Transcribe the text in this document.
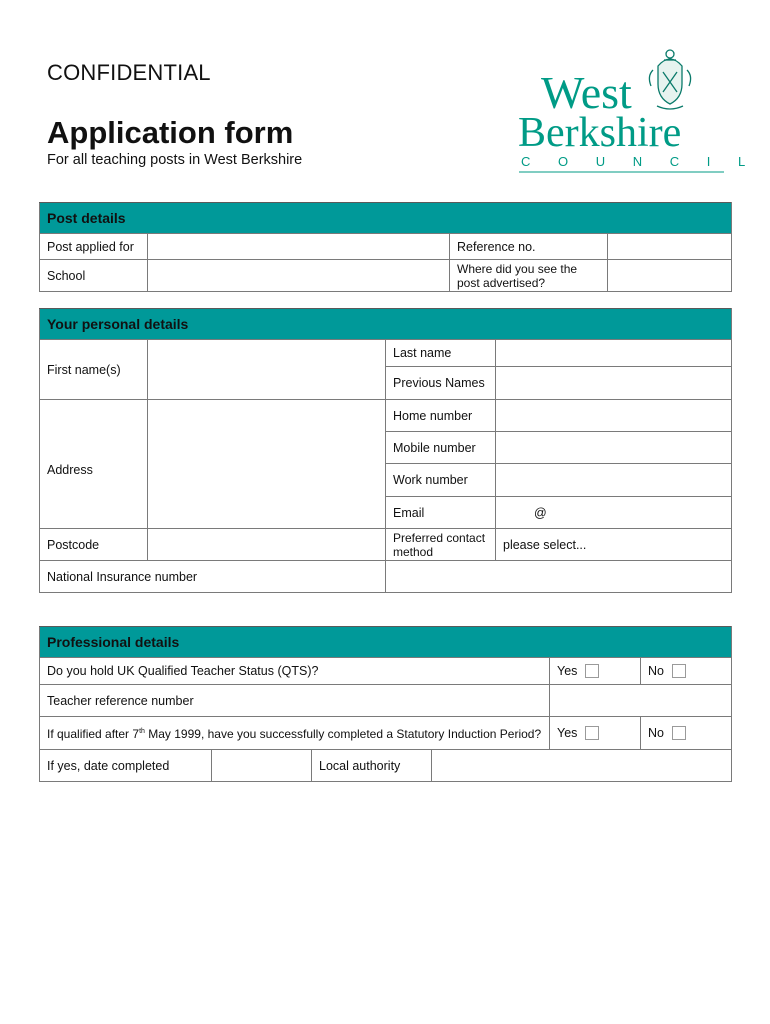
CONFIDENTIAL
Application form
For all teaching posts in West Berkshire
West
Berkshire
C O U N C I L
Post details			
Post applied for		Reference no.	
School		Where did you see the post advertised?	
Your personal details			
First name(s)		Last name	
		Previous Names	
Address		Home number	
		Mobile number	
		Work number	
		Email	@
Postcode		Preferred contact method	please select...
National Insurance number			
Professional details					
Do you hold UK Qualified Teacher Status (QTS)?				Yes	No
Teacher reference number					
If qualified after 7th May 1999, have you successfully completed a Statutory Induction Period?				Yes	No
If yes, date completed		Local authority			
